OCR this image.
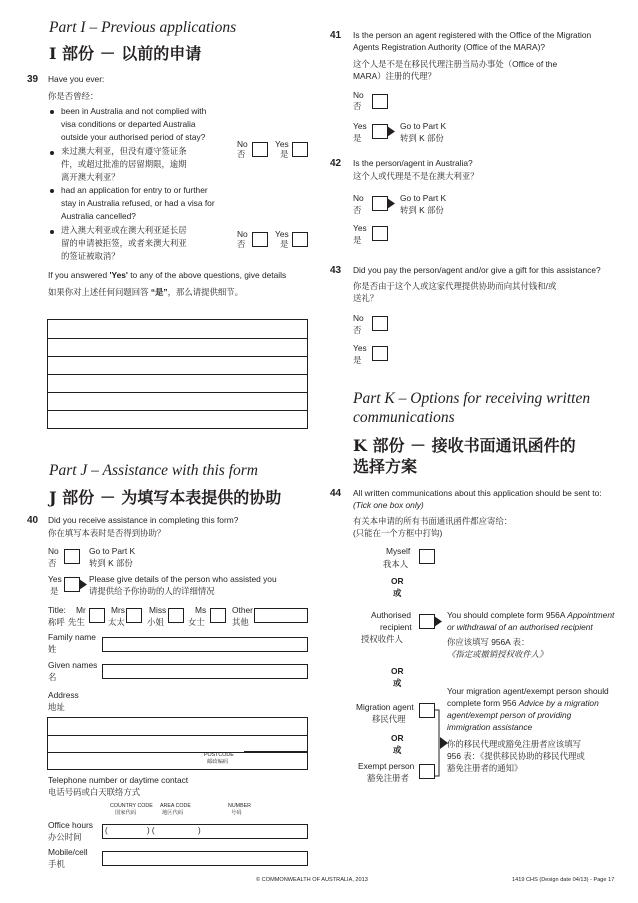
Part I – Previous applications
I 部份 － 以前的申请
39 Have you ever:
你是否曾经：
been in Australia and not complied with
visa conditions or departed Australia
outside your authorised period of stay?
来过澳大利亚，但没有遵守签证条
件，或超过批准的居留期限，逾期
离开澳大利亚？
No
否
Yes
是
had an application for entry to or further
stay in Australia refused, or had a visa for
Australia cancelled?
进入澳大利亚或在澳大利亚延长居
留的申请被拒签，或者来澳大利亚
的签证被取消？
No
否
Yes
是
If you answered 'Yes' to any of the above questions, give details
如果你对上述任何问题回答 “是”，那么请提供细节。
Part J – Assistance with this form
J 部份 － 为填写本表提供的协助
40 Did you receive assistance in completing this form?
你在填写本表时是否得到协助？
No
否
Go to Part K
转到 K 部份
Yes
是
Please give details of the person who assisted you
请提供给予你协助的人的详细情况
Title:
称呼
Mr
先生
Mrs
太太
Miss
小姐
Ms
女士
Other
其他
Family name
姓
Given names
名
Address
地址
POSTCODE
邮政编码
Telephone number or daytime contact
电话号码或白天联络方式
COUNTRY CODE
国家代码
AREA CODE
地区代码
NUMBER
号码
Office hours
办公时间
(	) (	)
Mobile/cell
手机
41 Is the person an agent registered with the Office of the Migration
Agents Registration Authority (Office of the MARA)?
这个人是不是在移民代理注册当局办事处（Office of the
MARA）注册的代理？
No
否
Yes
是
Go to Part K
转到 K 部份
42 Is the person/agent in Australia?
这个人或代理是不是在澳大利亚？
No
否
Go to Part K
转到 K 部份
Yes
是
43 Did you pay the person/agent and/or give a gift for this assistance?
你是否由于这个人或这家代理提供协助而向其付钱和/或
送礼？
No
否
Yes
是
Part K – Options for receiving written
communications
K 部份 － 接收书面通讯函件的
选择方案
44 All written communications about this application should be sent to:
(Tick one box only)
有关本申请的所有书面通讯函件都应寄给：
(只能在一个方框中打钩)
Myself
我本人
OR
或
Authorised
recipient
授权收件人
You should complete form 956A Appointment
or withdrawal of an authorised recipient
你应该填写 956A 表：
《指定或撤销授权收件人》
OR
或
Migration agent
移民代理
OR
或
Exempt person
豁免注册者
Your migration agent/exempt person should
complete form 956 Advice by a migration
agent/exempt person of providing
immigration assistance
你的移民代理或豁免注册者应该填写
956 表：《提供移民协助的移民代理或
豁免注册者的通知》
© COMMONWEALTH OF AUSTRALIA, 2013	1419 CHS (Design date 04/13) - Page 17
